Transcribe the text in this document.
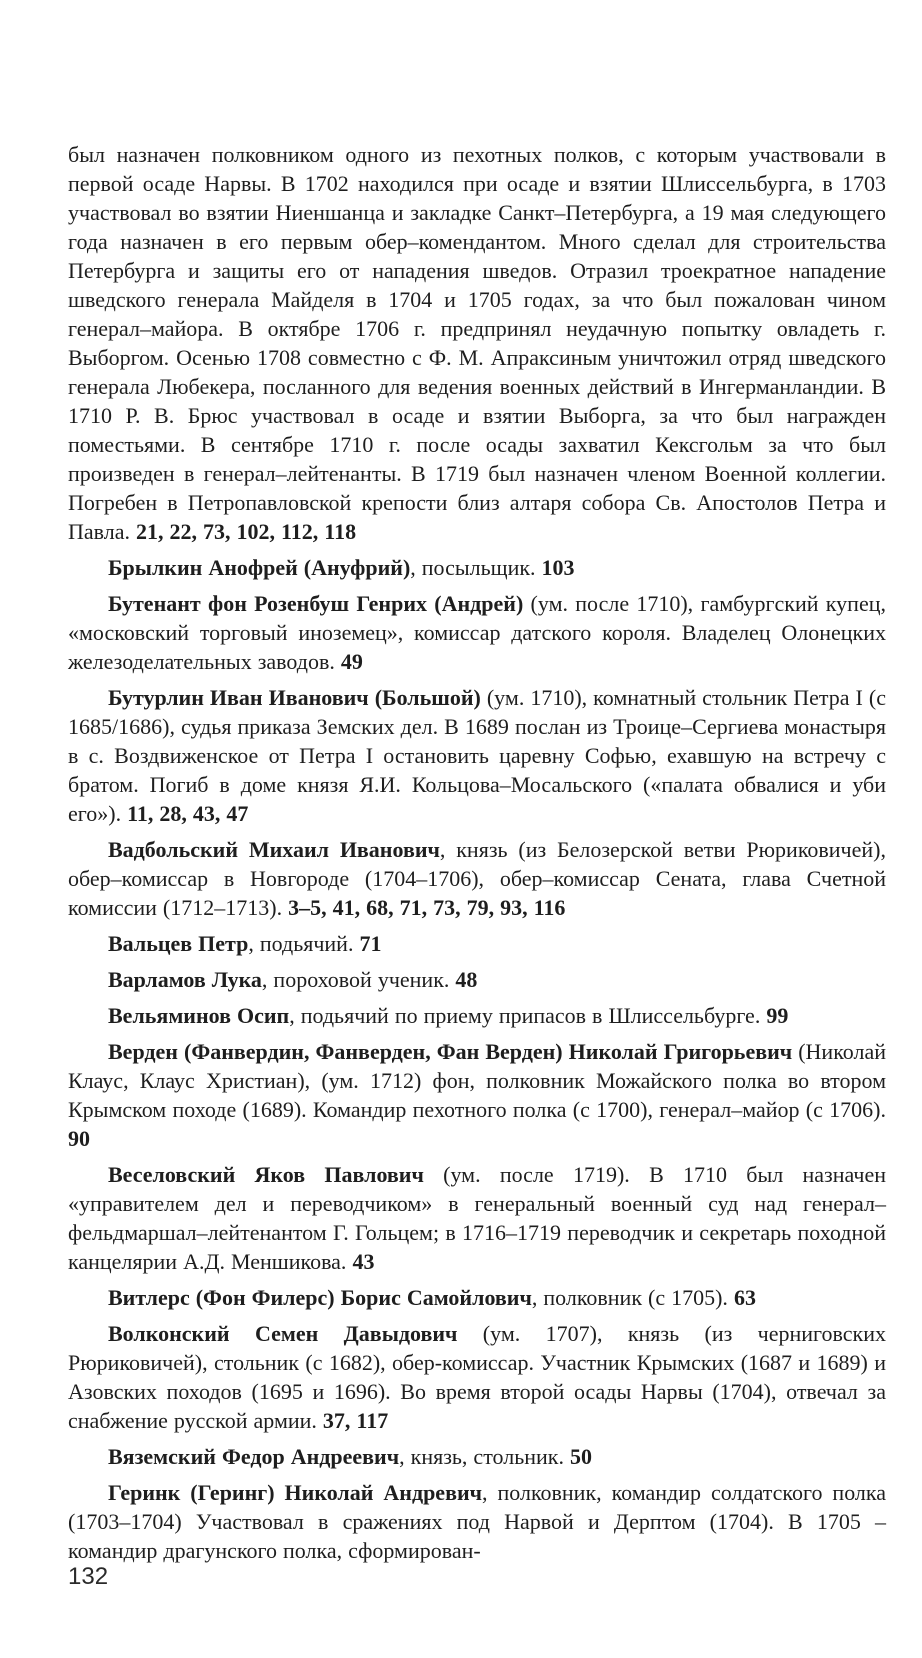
был назначен полковником одного из пехотных полков, с которым участвовали в первой осаде Нарвы. В 1702 находился при осаде и взятии Шлиссельбурга, в 1703 участвовал во взятии Ниеншанца и закладке Санкт–Петербурга, а 19 мая следующего года назначен в его первым обер–комендантом. Много сделал для строительства Петербурга и защиты его от нападения шведов. Отразил троекратное нападение шведского генерала Майделя в 1704 и 1705 годах, за что был пожалован чином генерал–майора. В октябре 1706 г. предпринял неудачную попытку овладеть г. Выборгом. Осенью 1708 совместно с Ф. М. Апраксиным уничтожил отряд шведского генерала Любекера, посланного для ведения военных действий в Ингерманландии. В 1710 Р. В. Брюс участвовал в осаде и взятии Выборга, за что был награжден поместьями. В сентябре 1710 г. после осады захватил Кексгольм за что был произведен в генерал–лейтенанты. В 1719 был назначен членом Военной коллегии. Погребен в Петропавловской крепости близ алтаря собора Св. Апостолов Петра и Павла. 21, 22, 73, 102, 112, 118

Брылкин Анофрей (Ануфрий), посыльщик. 103

Бутенант фон Розенбуш Генрих (Андрей) (ум. после 1710), гамбургский купец, «московский торговый иноземец», комиссар датского короля. Владелец Олонецких железоделательных заводов. 49

Бутурлин Иван Иванович (Большой) (ум. 1710), комнатный стольник Петра I (с 1685/1686), судья приказа Земских дел. В 1689 послан из Троице–Сергиева монастыря в с. Воздвиженское от Петра I остановить царевну Софью, ехавшую на встречу с братом. Погиб в доме князя Я.И. Кольцова–Мосальского («палата обвалися и уби его»). 11, 28, 43, 47

Вадбольский Михаил Иванович, князь (из Белозерской ветви Рюриковичей), обер–комиссар в Новгороде (1704–1706), обер–комиссар Сената, глава Счетной комиссии (1712–1713). 3–5, 41, 68, 71, 73, 79, 93, 116

Вальцев Петр, подьячий. 71

Варламов Лука, пороховой ученик. 48

Вельяминов Осип, подьячий по приему припасов в Шлиссельбурге. 99

Верден (Фанвердин, Фанверден, Фан Верден) Николай Григорьевич (Николай Клаус, Клаус Христиан), (ум. 1712) фон, полковник Можайского полка во втором Крымском походе (1689). Командир пехотного полка (с 1700), генерал–майор (с 1706). 90

Веселовский Яков Павлович (ум. после 1719). В 1710 был назначен «управителем дел и переводчиком» в генеральный военный суд над генерал–фельдмаршал–лейтенантом Г. Гольцем; в 1716–1719 переводчик и секретарь походной канцелярии А.Д. Меншикова. 43

Витлерс (Фон Филерс) Борис Самойлович, полковник (с 1705). 63

Волконский Семен Давыдович (ум. 1707), князь (из черниговских Рюриковичей), стольник (с 1682), обер-комиссар. Участник Крымских (1687 и 1689) и Азовских походов (1695 и 1696). Во время второй осады Нарвы (1704), отвечал за снабжение русской армии. 37, 117

Вяземский Федор Андреевич, князь, стольник. 50

Геринк (Геринг) Николай Андревич, полковник, командир солдатского полка (1703–1704) Участвовал в сражениях под Нарвой и Дерптом (1704). В 1705 – командир драгунского полка, сформирован-

132
